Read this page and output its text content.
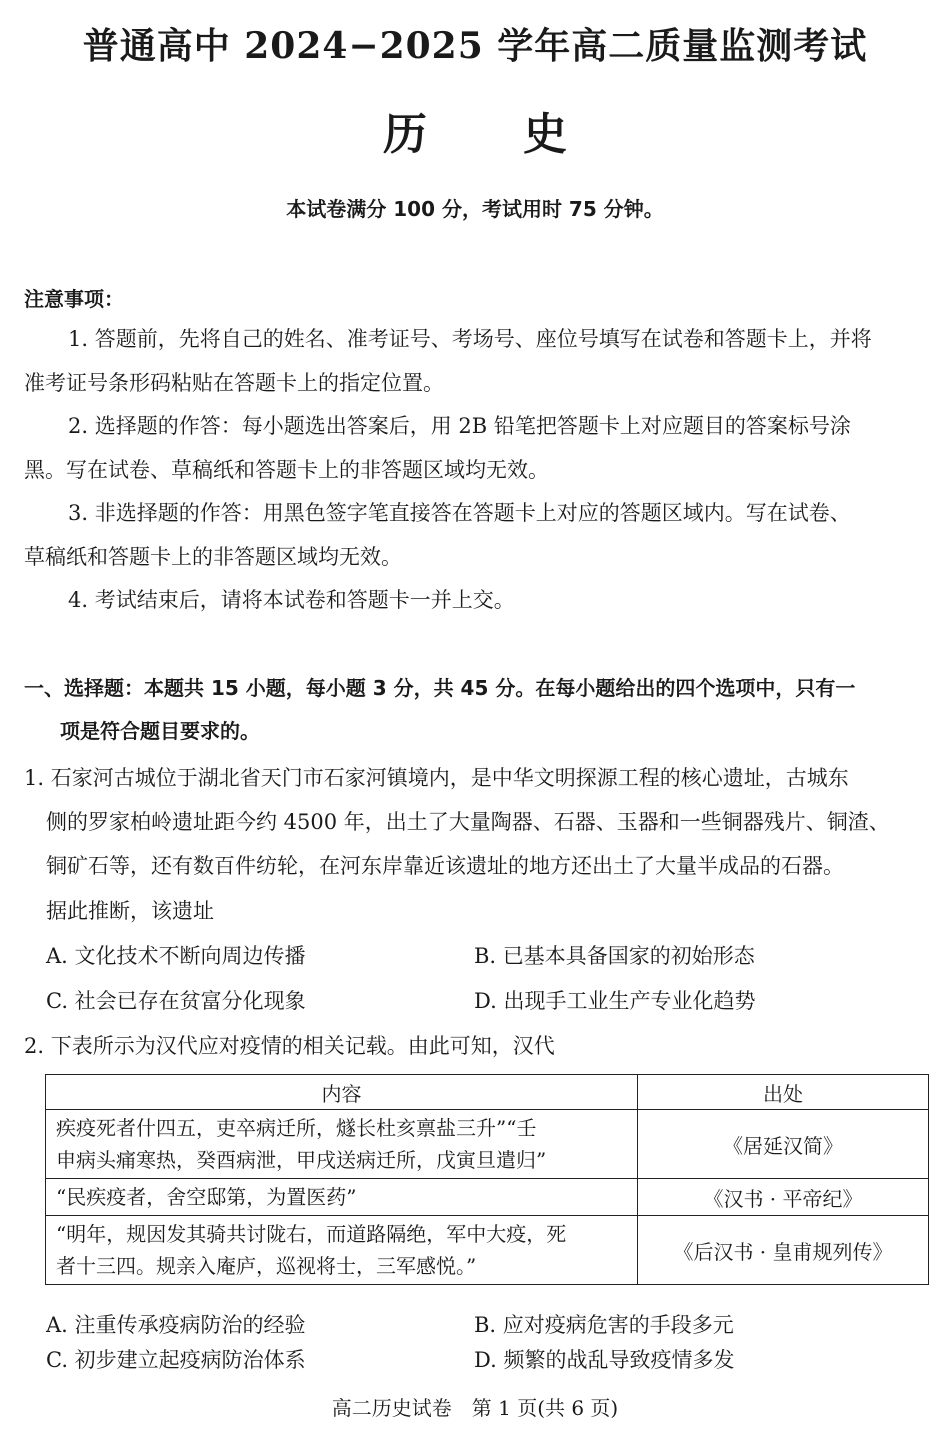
普通高中 2024−2025 学年高二质量监测考试
历史
本试卷满分 100 分，考试用时 75 分钟。
注意事项：
1. 答题前，先将自己的姓名、准考证号、考场号、座位号填写在试卷和答题卡上，并将
准考证号条形码粘贴在答题卡上的指定位置。
2. 选择题的作答：每小题选出答案后，用 2B 铅笔把答题卡上对应题目的答案标号涂
黑。写在试卷、草稿纸和答题卡上的非答题区域均无效。
3. 非选择题的作答：用黑色签字笔直接答在答题卡上对应的答题区域内。写在试卷、
草稿纸和答题卡上的非答题区域均无效。
4. 考试结束后，请将本试卷和答题卡一并上交。
一、选择题：本题共 15 小题，每小题 3 分，共 45 分。在每小题给出的四个选项中，只有一
项是符合题目要求的。
1. 石家河古城位于湖北省天门市石家河镇境内，是中华文明探源工程的核心遗址，古城东
侧的罗家柏岭遗址距今约 4500 年，出土了大量陶器、石器、玉器和一些铜器残片、铜渣、
铜矿石等，还有数百件纺轮，在河东岸靠近该遗址的地方还出土了大量半成品的石器。
据此推断，该遗址
A. 文化技术不断向周边传播	B. 已基本具备国家的初始形态
C. 社会已存在贫富分化现象	D. 出现手工业生产专业化趋势
2. 下表所示为汉代应对疫情的相关记载。由此可知，汉代
内容	出处

疾疫死者什四五，吏卒病迁所，燧长杜亥禀盐三升”“壬
申病头痛寒热，癸酉病泄，甲戌送病迁所，戊寅旦遣归”	《居延汉简》

“民疾疫者，舍空邸第，为置医药”	《汉书 · 平帝纪》

“明年，规因发其骑共讨陇右，而道路隔绝，军中大疫，死
者十三四。规亲入庵庐，巡视将士，三军感悦。”	《后汉书 · 皇甫规列传》
A. 注重传承疫病防治的经验	B. 应对疫病危害的手段多元
C. 初步建立起疫病防治体系	D. 频繁的战乱导致疫情多发
高二历史试卷　第 1 页(共 6 页)
